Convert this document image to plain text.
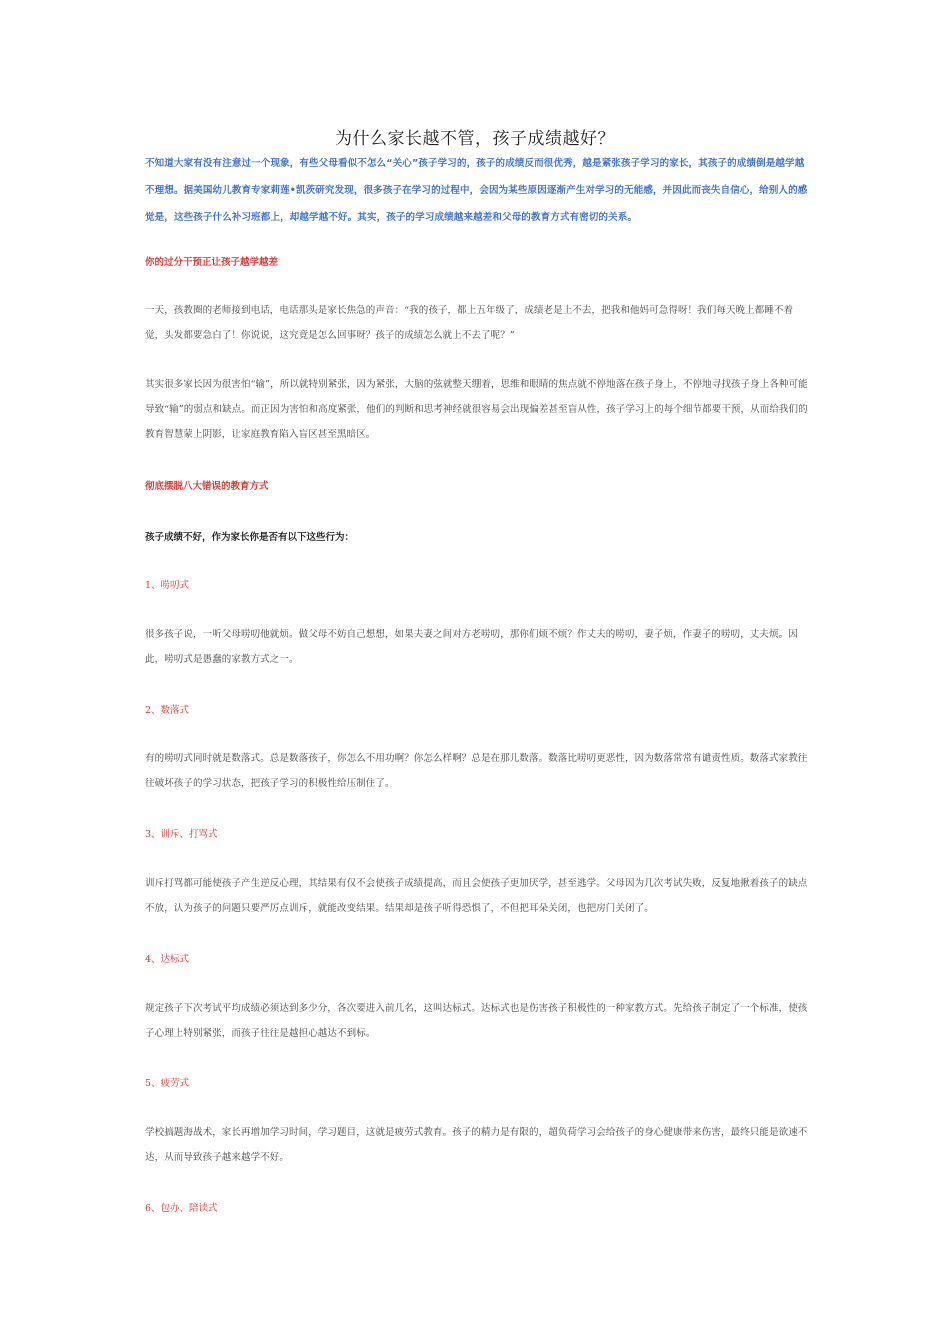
为什么家长越不管，孩子成绩越好？
不知道大家有没有注意过一个现象，有些父母看似不怎么“关心”孩子学习的，孩子的成绩反而很优秀，越是紧张孩子学习的家长，其孩子的成绩倒是越学越不理想。据美国幼儿教育专家莉莲•凯茨研究发现，很多孩子在学习的过程中，会因为某些原因逐渐产生对学习的无能感，并因此而丧失自信心，给别人的感觉是，这些孩子什么补习班都上，却越学越不好。其实，孩子的学习成绩越来越差和父母的教育方式有密切的关系。
你的过分干预正让孩子越学越差
一天，孩教圈的老师接到电话，电话那头是家长焦急的声音：“我的孩子，都上五年级了，成绩老是上不去，把我和他妈可急得呀！我们每天晚上都睡不着觉，头发都要急白了！你说说，这究竟是怎么回事呀？孩子的成绩怎么就上不去了呢？”
其实很多家长因为很害怕“输”，所以就特别紧张，因为紧张，大脑的弦就整天绷着，思维和眼睛的焦点就不停地落在孩子身上，不停地寻找孩子身上各种可能导致“输”的弱点和缺点。而正因为害怕和高度紧张，他们的判断和思考神经就很容易会出现偏差甚至盲从性，孩子学习上的每个细节都要干预，从而给我们的教育智慧蒙上阴影，让家庭教育陷入盲区甚至黑暗区。
彻底摆脱八大错误的教育方式
孩子成绩不好，作为家长你是否有以下这些行为：
1、唠叨式
很多孩子说，一听父母唠叨他就烦。做父母不妨自己想想，如果夫妻之间对方老唠叨，那你们烦不烦？作丈夫的唠叨，妻子烦，作妻子的唠叨，丈夫烦。因此，唠叨式是愚蠢的家教方式之一。
2、数落式
有的唠叨式同时就是数落式。总是数落孩子，你怎么不用功啊？你怎么样啊？总是在那儿数落。数落比唠叨更恶性，因为数落常常有谴责性质。数落式家教往往破坏孩子的学习状态，把孩子学习的积极性给压制住了。
3、训斥、打骂式
训斥打骂都可能使孩子产生逆反心理，其结果有仅不会使孩子成绩提高，而且会使孩子更加厌学，甚至逃学。父母因为几次考试失败，反复地揪着孩子的缺点不放，认为孩子的问题只要严厉点训斥，就能改变结果。结果却是孩子听得恐惧了，不但把耳朵关闭，也把房门关闭了。
4、达标式
规定孩子下次考试平均成绩必须达到多少分，各次要进入前几名，这叫达标式。达标式也是伤害孩子积极性的一种家教方式。先给孩子制定了一个标准，使孩子心理上特别紧张，而孩子往往是越担心越达不到标。
5、疲劳式
学校搞题海战术，家长再增加学习时间，学习题目，这就是疲劳式教育。孩子的精力是有限的，超负荷学习会给孩子的身心健康带来伤害，最终只能是欲速不达，从而导致孩子越来越学不好。
6、包办、陪读式
